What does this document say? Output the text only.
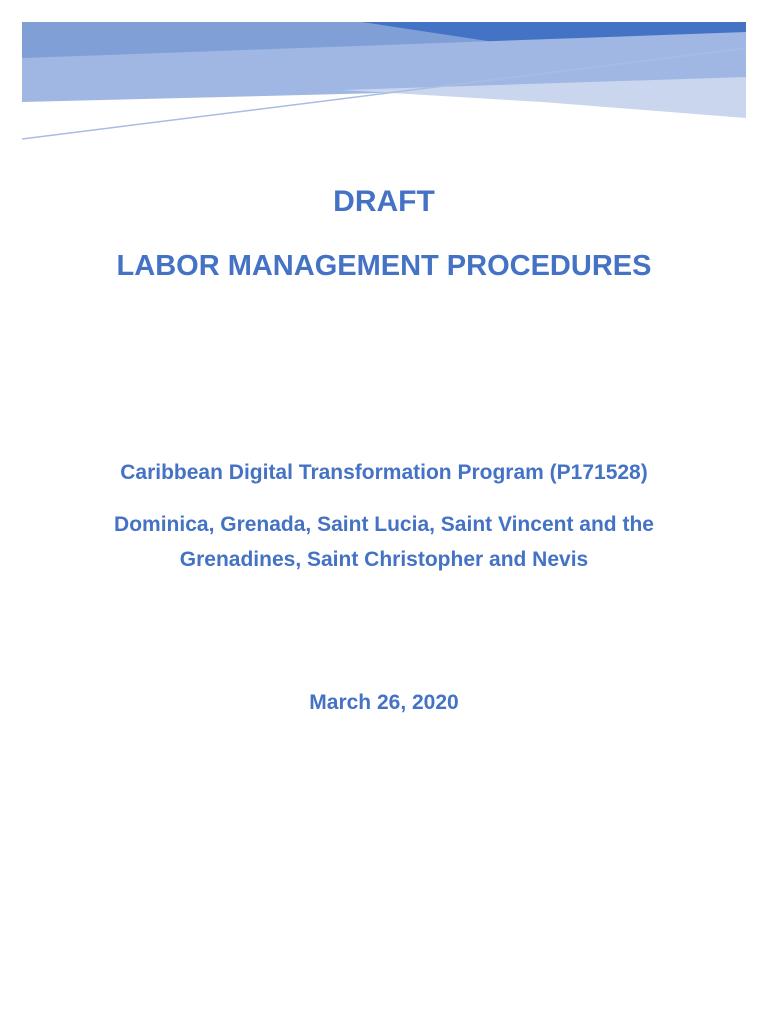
DRAFT
LABOR MANAGEMENT PROCEDURES
Caribbean Digital Transformation Program (P171528)
Dominica, Grenada, Saint Lucia, Saint Vincent and the
Grenadines, Saint Christopher and Nevis
March 26, 2020
